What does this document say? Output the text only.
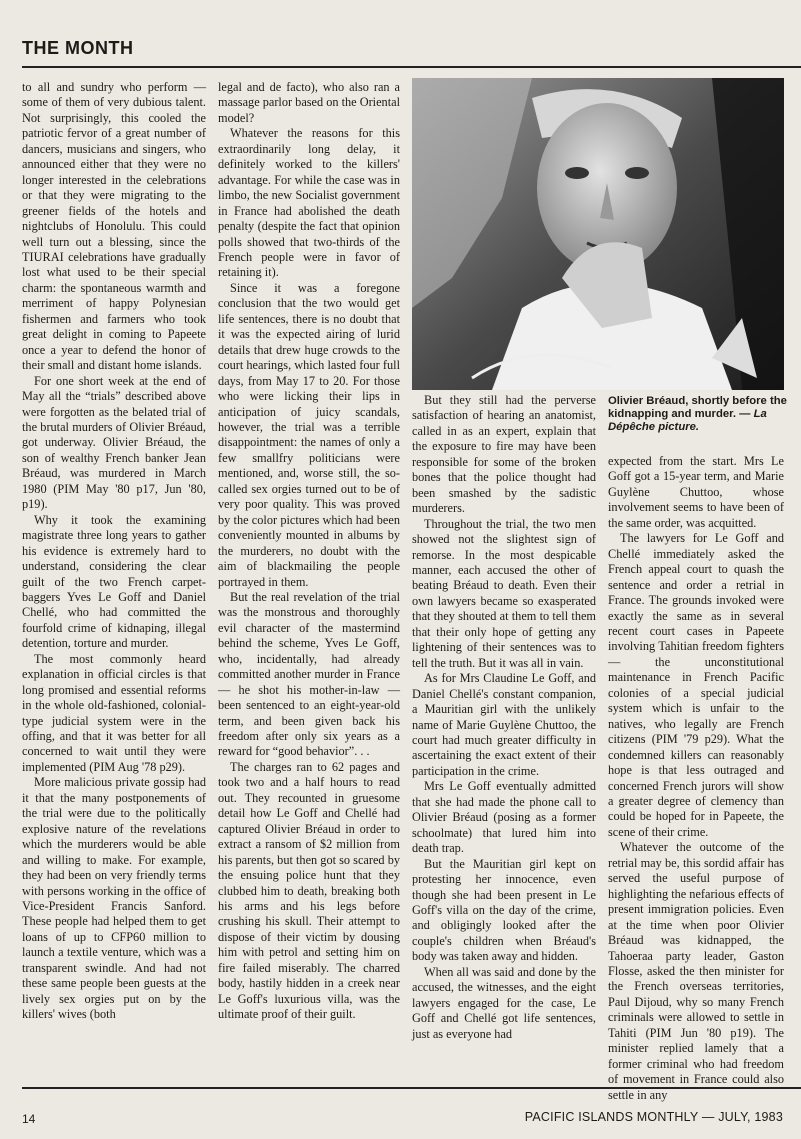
THE MONTH

to all and sundry who perform — some of them of very dubious talent. Not surprisingly, this cooled the patriotic fervor of a great number of dancers, musicians and singers, who announced either that they were no longer interested in the celebrations or that they were migrating to the greener fields of the hotels and nightclubs of Honolulu. This could well turn out a blessing, since the TIURAI celebrations have gradually lost what used to be their special charm: the spontaneous warmth and merriment of happy Polynesian fishermen and farmers who took great delight in coming to Papeete once a year to defend the honor of their small and distant home islands.

For one short week at the end of May all the “trials” described above were forgotten as the belated trial of the brutal murders of Olivier Bréaud, got underway. Olivier Bréaud, the son of wealthy French banker Jean Bréaud, was murdered in March 1980 (PIM May '80 p17, Jun '80, p19).

Why it took the examining magistrate three long years to gather his evidence is extremely hard to understand, considering the clear guilt of the two French carpet-baggers Yves Le Goff and Daniel Chellé, who had committed the fourfold crime of kidnaping, illegal detention, torture and murder.

The most commonly heard explanation in official circles is that long promised and essential reforms in the whole old-fashioned, colonial-type judicial system were in the offing, and that it was better for all concerned to wait until they were implemented (PIM Aug '78 p29).

More malicious private gossip had it that the many postponements of the trial were due to the politically explosive nature of the revelations which the murderers would be able and willing to make. For example, they had been on very friendly terms with persons working in the office of Vice-President Francis Sanford. These people had helped them to get loans of up to CFP60 million to launch a textile venture, which was a transparent swindle. And had not these same people been guests at the lively sex orgies put on by the killers' wives (both

legal and de facto), who also ran a massage parlor based on the Oriental model?

Whatever the reasons for this extraordinarily long delay, it definitely worked to the killers' advantage. For while the case was in limbo, the new Socialist government in France had abolished the death penalty (despite the fact that opinion polls showed that two-thirds of the French people were in favor of retaining it).

Since it was a foregone conclusion that the two would get life sentences, there is no doubt that it was the expected airing of lurid details that drew huge crowds to the court hearings, which lasted four full days, from May 17 to 20. For those who were licking their lips in anticipation of juicy scandals, however, the trial was a terrible disappointment: the names of only a few smallfry politicians were mentioned, and, worse still, the so-called sex orgies turned out to be of very poor quality. This was proved by the color pictures which had been conveniently mounted in albums by the murderers, no doubt with the aim of blackmailing the people portrayed in them.

But the real revelation of the trial was the monstrous and thoroughly evil character of the mastermind behind the scheme, Yves Le Goff, who, incidentally, had already committed another murder in France — he shot his mother-in-law — been sentenced to an eight-year-old term, and been given back his freedom after only six years as a reward for “good behavior”. . .

The charges ran to 62 pages and took two and a half hours to read out. They recounted in gruesome detail how Le Goff and Chellé had captured Olivier Bréaud in order to extract a ransom of $2 million from his parents, but then got so scared by the ensuing police hunt that they clubbed him to death, breaking both his arms and his legs before crushing his skull. Their attempt to dispose of their victim by dousing him with petrol and setting him on fire failed miserably. The charred body, hastily hidden in a creek near Le Goff's luxurious villa, was the ultimate proof of their guilt.

Olivier Bréaud, shortly before the kidnapping and murder. — La Dépêche picture.

But they still had the perverse satisfaction of hearing an anatomist, called in as an expert, explain that the exposure to fire may have been responsible for some of the broken bones that the police thought had been smashed by the sadistic murderers.

Throughout the trial, the two men showed not the slightest sign of remorse. In the most despicable manner, each accused the other of beating Bréaud to death. Even their own lawyers became so exasperated that they shouted at them to tell them that their only hope of getting any lightening of their sentences was to tell the truth. But it was all in vain.

As for Mrs Claudine Le Goff, and Daniel Chellé's constant companion, a Mauritian girl with the unlikely name of Marie Guylène Chuttoo, the court had much greater difficulty in ascertaining the exact extent of their participation in the crime.

Mrs Le Goff eventually admitted that she had made the phone call to Olivier Bréaud (posing as a former schoolmate) that lured him into death trap.

But the Mauritian girl kept on protesting her innocence, even though she had been present in Le Goff's villa on the day of the crime, and obligingly looked after the couple's children when Bréaud's body was taken away and hidden.

When all was said and done by the accused, the witnesses, and the eight lawyers engaged for the case, Le Goff and Chellé got life sentences, just as everyone had

expected from the start. Mrs Le Goff got a 15-year term, and Marie Guylène Chuttoo, whose involvement seems to have been of the same order, was acquitted.

The lawyers for Le Goff and Chellé immediately asked the French appeal court to quash the sentence and order a retrial in France. The grounds invoked were exactly the same as in several recent court cases in Papeete involving Tahitian freedom fighters — the unconstitutional maintenance in French Pacific colonies of a special judicial system which is unfair to the natives, who legally are French citizens (PIM '79 p29). What the condemned killers can reasonably hope is that less outraged and concerned French jurors will show a greater degree of clemency than could be hoped for in Papeete, the scene of their crime.

Whatever the outcome of the retrial may be, this sordid affair has served the useful purpose of highlighting the nefarious effects of present immigration policies. Even at the time when poor Olivier Bréaud was kidnapped, the Tahoeraa party leader, Gaston Flosse, asked the then minister for the French overseas territories, Paul Dijoud, why so many French criminals were allowed to settle in Tahiti (PIM Jun '80 p19). The minister replied lamely that a former criminal who had freedom of movement in France could also settle in any

14	PACIFIC ISLANDS MONTHLY — JULY, 1983
